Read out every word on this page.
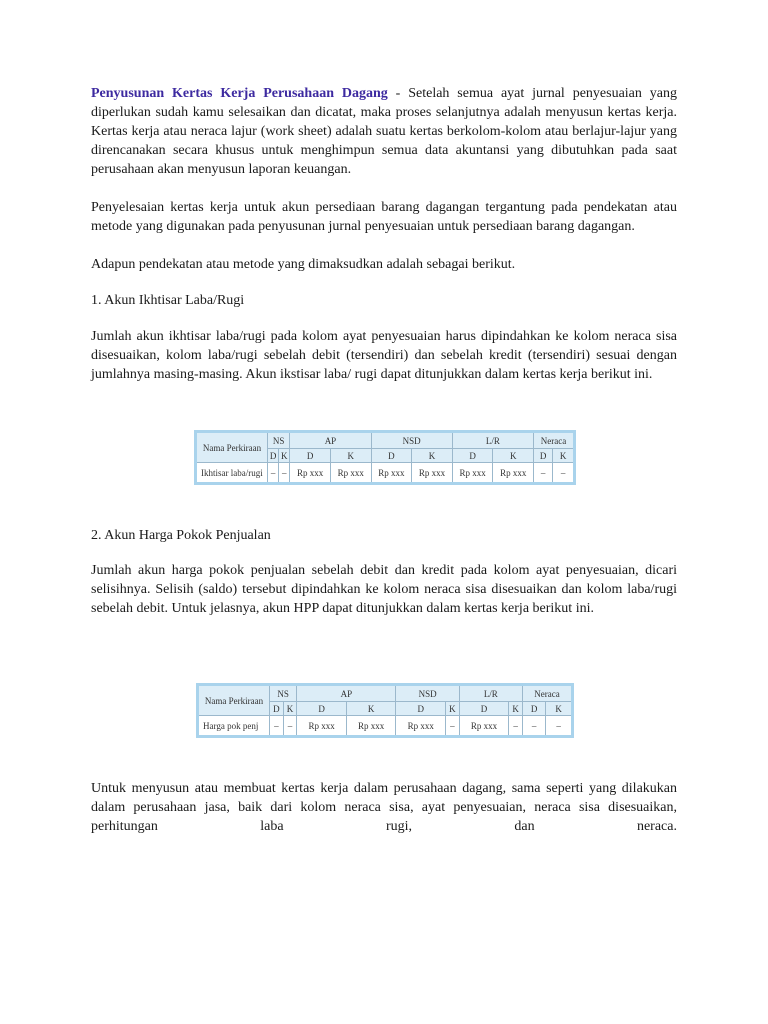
Penyusunan Kertas Kerja Perusahaan Dagang - Setelah semua ayat jurnal penyesuaian yang diperlukan sudah kamu selesaikan dan dicatat, maka proses selanjutnya adalah menyusun kertas kerja. Kertas kerja atau neraca lajur (work sheet) adalah suatu kertas berkolom-kolom atau berlajur-lajur yang direncanakan secara khusus untuk menghimpun semua data akuntansi yang dibutuhkan pada saat perusahaan akan menyusun laporan keuangan.

Penyelesaian kertas kerja untuk akun persediaan barang dagangan tergantung pada pendekatan atau metode yang digunakan pada penyusunan jurnal penyesuaian untuk persediaan barang dagangan.

Adapun pendekatan atau metode yang dimaksudkan adalah sebagai berikut.

1. Akun Ikhtisar Laba/Rugi

Jumlah akun ikhtisar laba/rugi pada kolom ayat penyesuaian harus dipindahkan ke kolom neraca sisa disesuaikan, kolom laba/rugi sebelah debit (tersendiri) dan sebelah kredit (tersendiri) sesuai dengan jumlahnya masing-masing. Akun ikstisar laba/ rugi dapat ditunjukkan dalam kertas kerja berikut ini.

Nama Perkiraan	NS		AP		NSD		L/R		Neraca	
	D	K	D	K	D	K	D	K	D	K
Ikhtisar laba/rugi	–	–	Rp xxx	Rp xxx	Rp xxx	Rp xxx	Rp xxx	Rp xxx	–	–

2. Akun Harga Pokok Penjualan

Jumlah akun harga pokok penjualan sebelah debit dan kredit pada kolom ayat penyesuaian, dicari selisihnya. Selisih (saldo) tersebut dipindahkan ke kolom neraca sisa disesuaikan dan kolom laba/rugi sebelah debit. Untuk jelasnya, akun HPP dapat ditunjukkan dalam kertas kerja berikut ini.

Nama Perkiraan	NS		AP		NSD		L/R		Neraca	
	D	K	D	K	D	K	D	K	D	K
Harga pok penj	–	–	Rp xxx	Rp xxx	Rp xxx	–	Rp xxx	–	–	–

Untuk menyusun atau membuat kertas kerja dalam perusahaan dagang, sama seperti yang dilakukan dalam perusahaan jasa, baik dari kolom neraca sisa, ayat penyesuaian, neraca sisa disesuaikan, perhitungan laba rugi, dan neraca.
